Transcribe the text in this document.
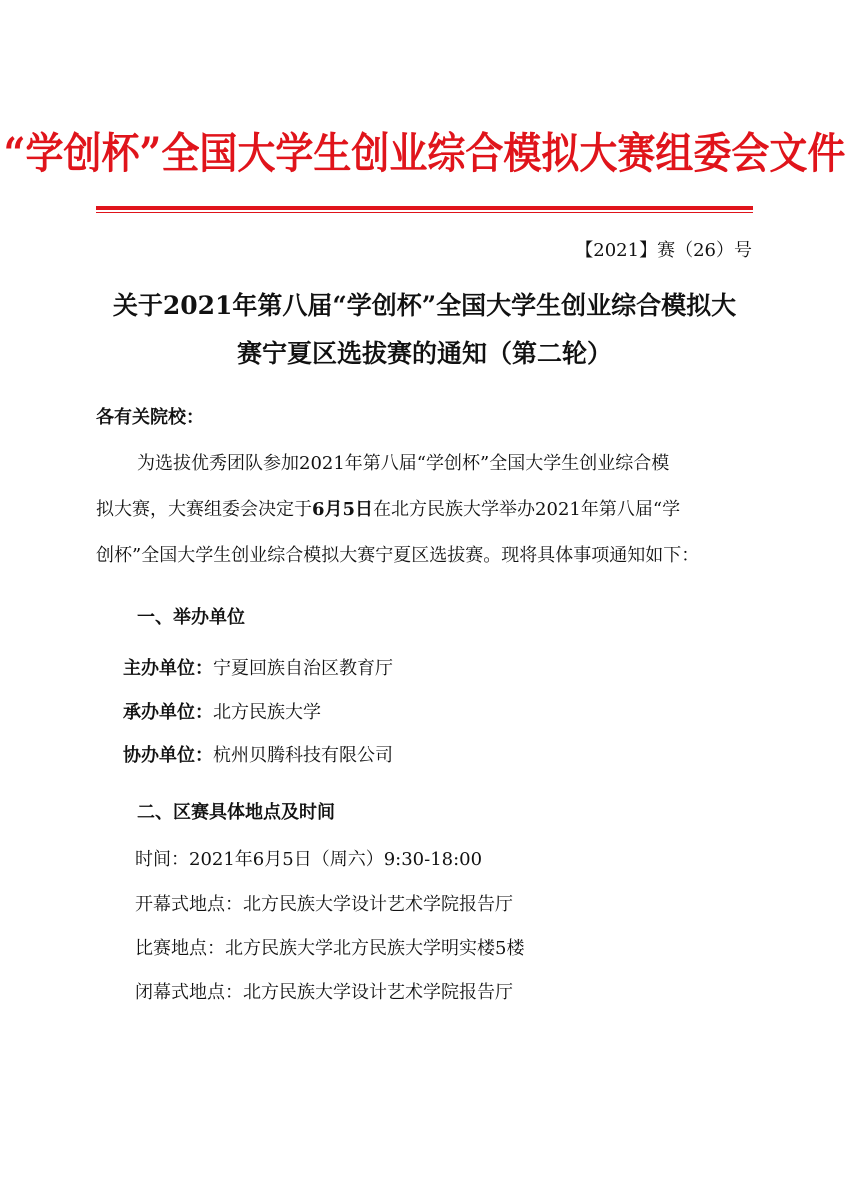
“学创杯”全国大学生创业综合模拟大赛组委会文件
【2021】赛（26）号
关于2021年第八届“学创杯”全国大学生创业综合模拟大
赛宁夏区选拔赛的通知（第二轮）
各有关院校：
为选拔优秀团队参加2021年第八届“学创杯”全国大学生创业综合模
拟大赛，大赛组委会决定于6月5日在北方民族大学举办2021年第八届“学
创杯”全国大学生创业综合模拟大赛宁夏区选拔赛。现将具体事项通知如下：
一、举办单位
主办单位：宁夏回族自治区教育厅
承办单位：北方民族大学
协办单位：杭州贝腾科技有限公司
二、区赛具体地点及时间
时间：2021年6月5日（周六）9:30-18:00
开幕式地点：北方民族大学设计艺术学院报告厅
比赛地点：北方民族大学北方民族大学明实楼5楼
闭幕式地点：北方民族大学设计艺术学院报告厅
